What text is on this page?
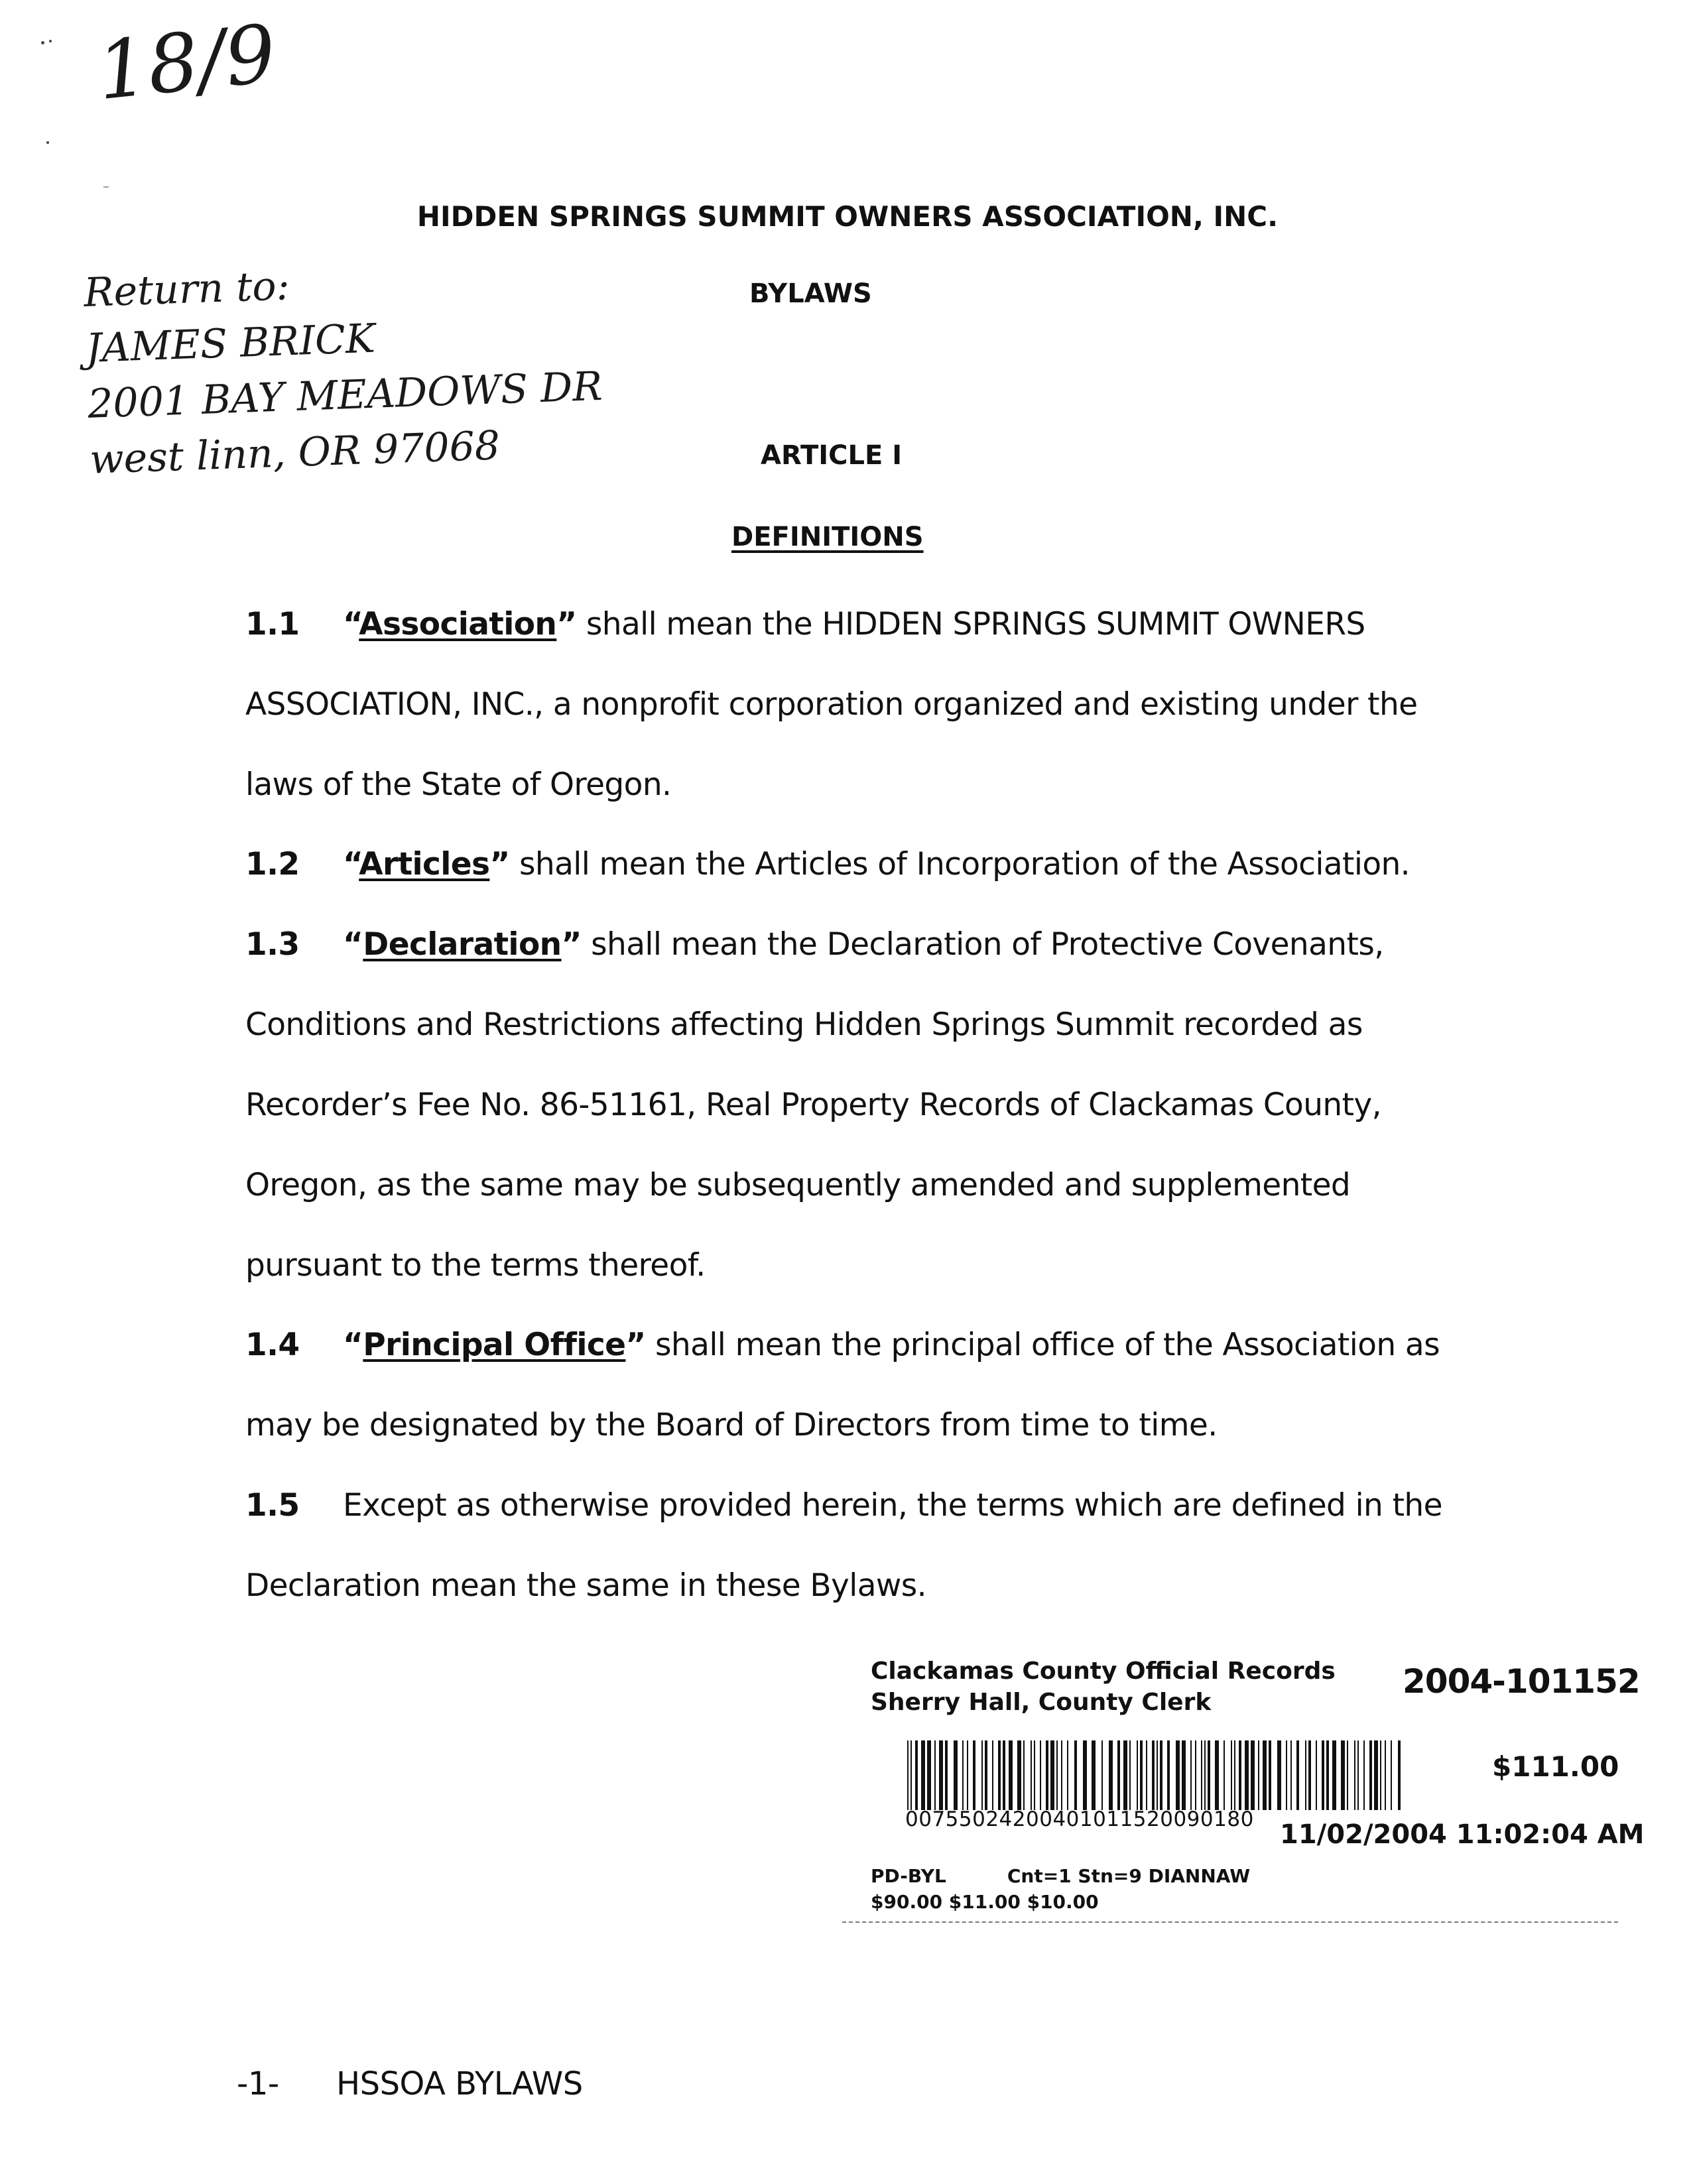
18/9
Return to:
JAMES BRICK
2001 BAY MEADOWS DR
west linn, OR 97068
HIDDEN SPRINGS SUMMIT OWNERS ASSOCIATION, INC.
BYLAWS
ARTICLE I
DEFINITIONS
1.1 “Association” shall mean the HIDDEN SPRINGS SUMMIT OWNERS ASSOCIATION, INC., a nonprofit corporation organized and existing under the laws of the State of Oregon.
1.2 “Articles” shall mean the Articles of Incorporation of the Association.
1.3 “Declaration” shall mean the Declaration of Protective Covenants, Conditions and Restrictions affecting Hidden Springs Summit recorded as Recorder’s Fee No. 86-51161, Real Property Records of Clackamas County, Oregon, as the same may be subsequently amended and supplemented pursuant to the terms thereof.
1.4 “Principal Office” shall mean the principal office of the Association as may be designated by the Board of Directors from time to time.
1.5 Except as otherwise provided herein, the terms which are defined in the Declaration mean the same in these Bylaws.
Clackamas County Official Records
Sherry Hall, County Clerk
2004-101152
$111.00
00755024200401011520090180 11/02/2004 11:02:04 AM
PD-BYL	Cnt=1 Stn=9 DIANNAW
$90.00 $11.00 $10.00
-1- HSSOA BYLAWS
